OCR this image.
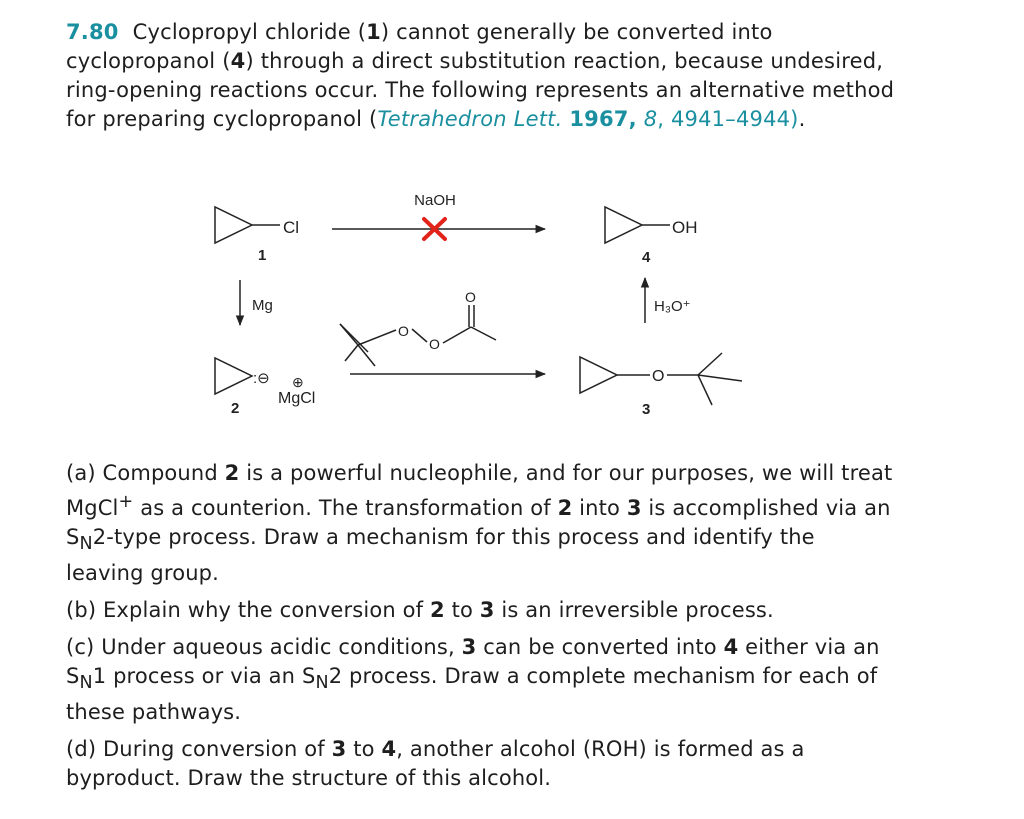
7.80 Cyclopropyl chloride (1) cannot generally be converted into cyclopropanol (4) through a direct substitution reaction, because undesired, ring-opening reactions occur. The following represents an alternative method for preparing cyclopropanol (Tetrahedron Lett. 1967, 8, 4941–4944).
Cl
1
NaOH
OH
4
Mg	H₃O⁺
O
O
O
:⊖ ⊕
MgCl
2
O
3

(a) Compound 2 is a powerful nucleophile, and for our purposes, we will treat MgCl+ as a counterion. The transformation of 2 into 3 is accomplished via an $S_N2$-type process. Draw a mechanism for this process and identify the leaving group.

(b) Explain why the conversion of 2 to 3 is an irreversible process.

(c) Under aqueous acidic conditions, 3 can be converted into 4 either via an $S_N1$ process or via an $S_N2$ process. Draw a complete mechanism for each of these pathways.

(d) During conversion of 3 to 4, another alcohol (ROH) is formed as a byproduct. Draw the structure of this alcohol.
